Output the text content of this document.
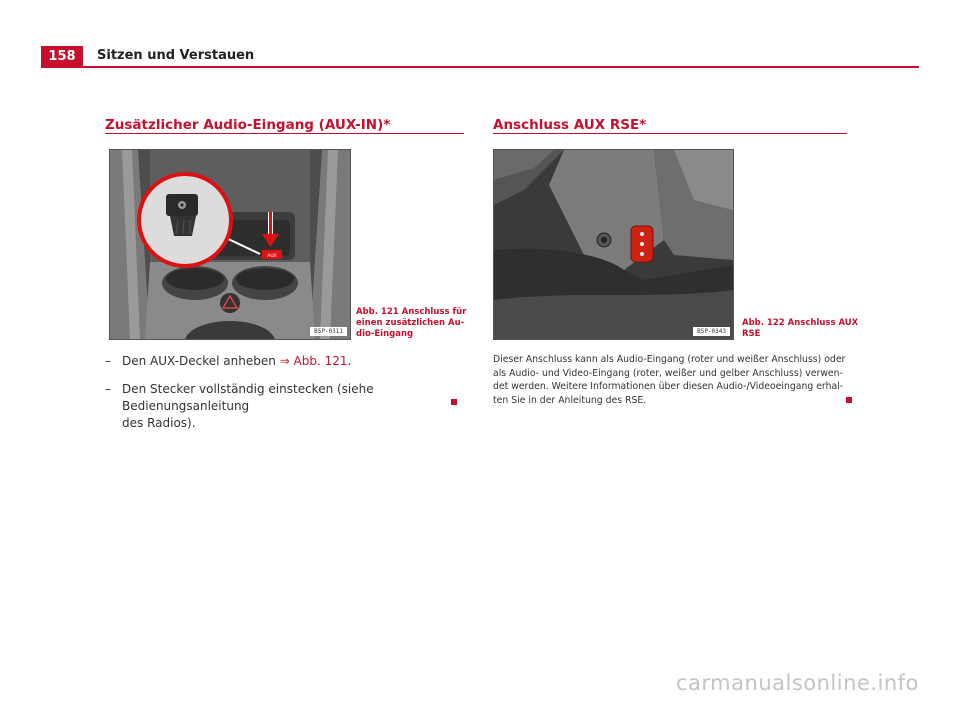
158	Sitzen und Verstauen
Zusätzlicher Audio-Eingang (AUX-IN)*
AUX
B5P-0311
Abb. 121 Anschluss für
einen zusätzlichen Au-
dio-Eingang
– Den AUX-Deckel anheben ⇒ Abb. 121.
– Den Stecker vollständig einstecken (siehe Bedienungsanleitung
des Radios).
Anschluss AUX RSE*
B5P-0343
Abb. 122 Anschluss AUX
RSE
Dieser Anschluss kann als Audio-Eingang (roter und weißer Anschluss) oder
als Audio- und Video-Eingang (roter, weißer und gelber Anschluss) verwen-
det werden. Weitere Informationen über diesen Audio-/Videoeingang erhal-
ten Sie in der Anleitung des RSE.
carmanualsonline.info
